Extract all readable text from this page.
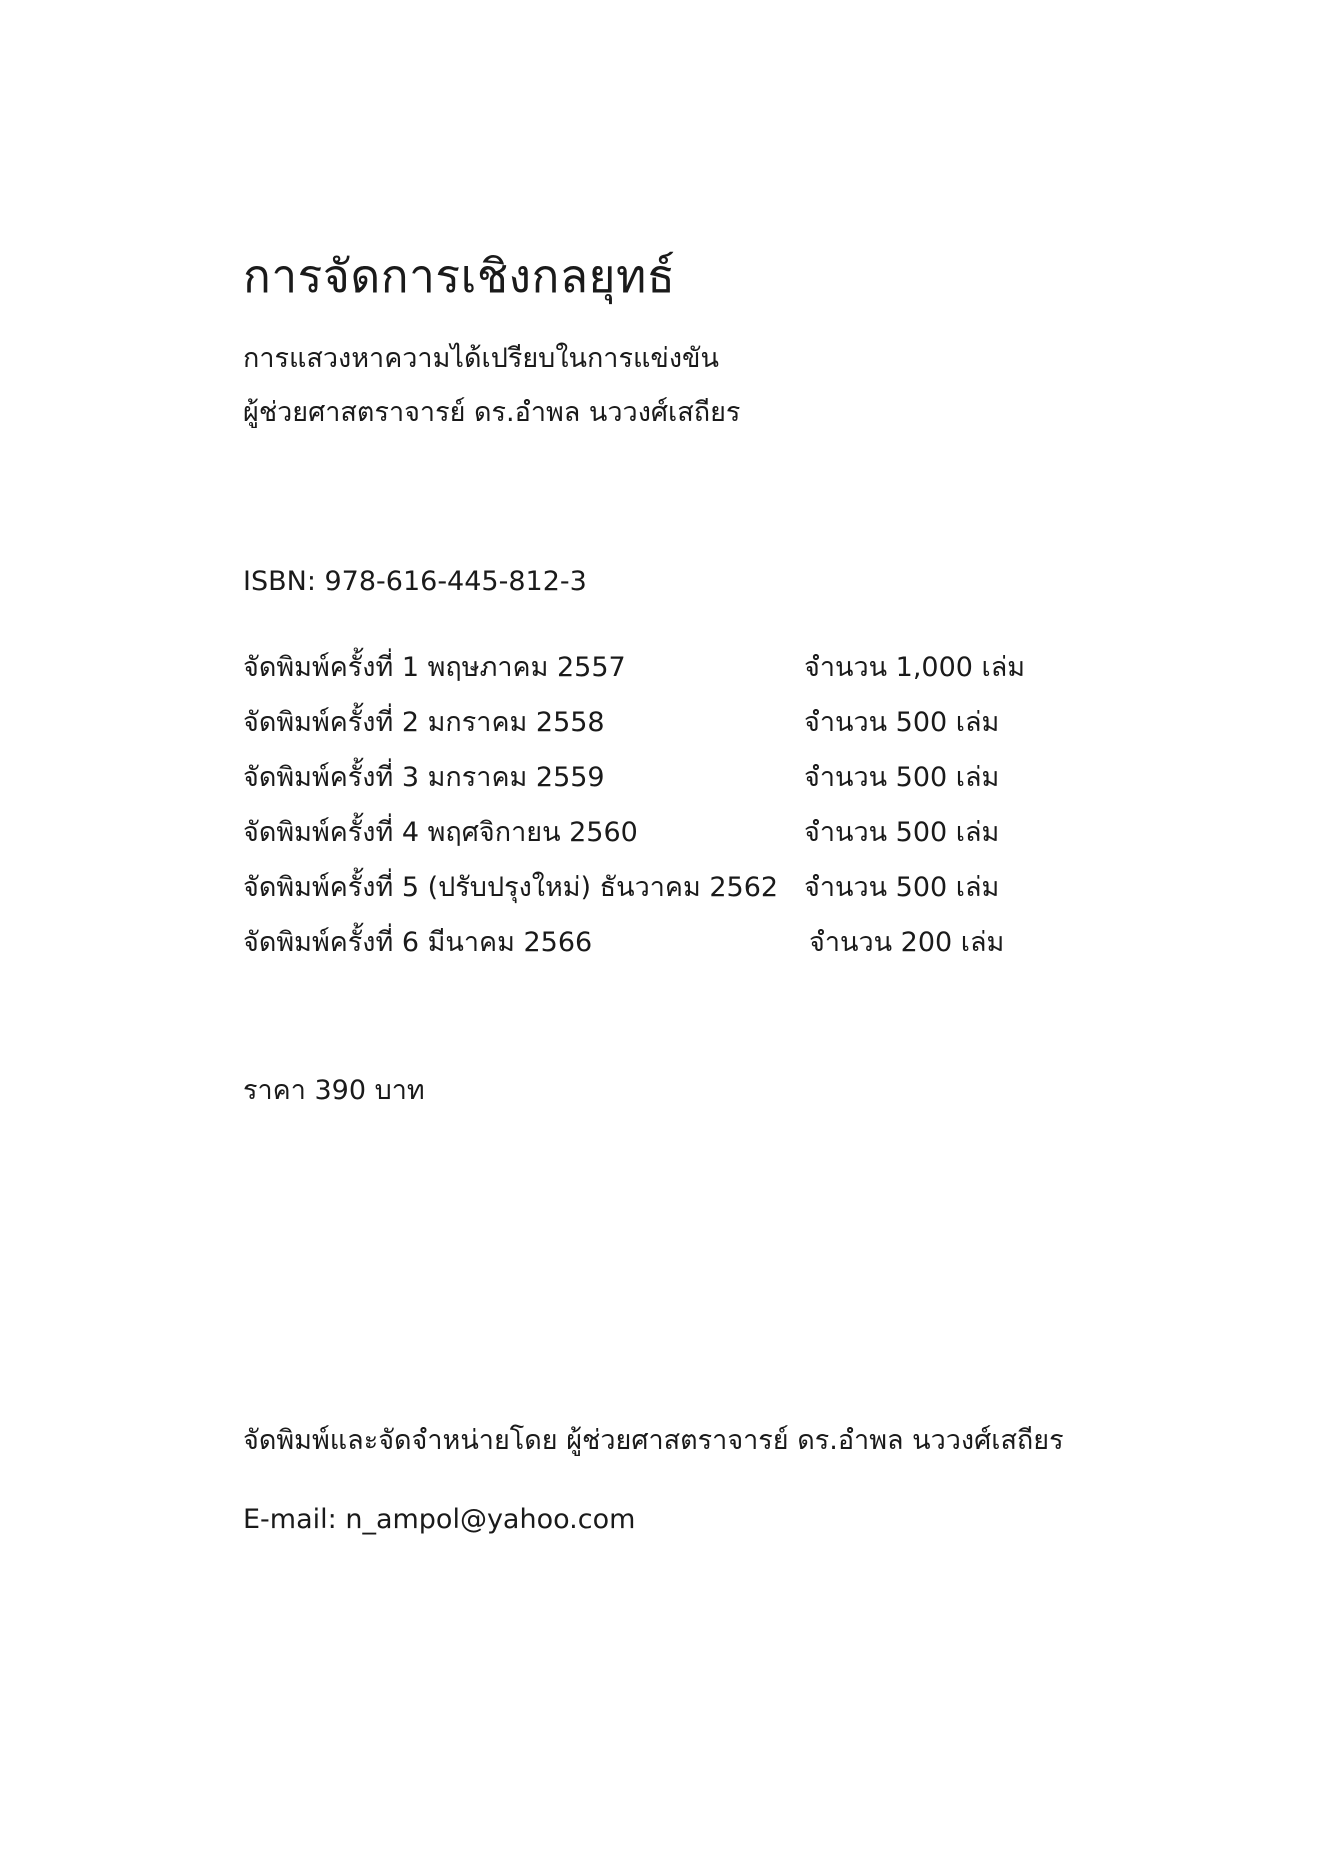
การจัดการเชิงกลยุทธ์
การแสวงหาความได้เปรียบในการแข่งขัน
ผู้ช่วยศาสตราจารย์ ดร.อำพล นววงศ์เสถียร
ISBN: 978-616-445-812-3
จัดพิมพ์ครั้งที่ 1 พฤษภาคม 2557	จำนวน 1,000 เล่ม
จัดพิมพ์ครั้งที่ 2 มกราคม 2558	จำนวน 500 เล่ม
จัดพิมพ์ครั้งที่ 3 มกราคม 2559	จำนวน 500 เล่ม
จัดพิมพ์ครั้งที่ 4 พฤศจิกายน 2560	จำนวน 500 เล่ม
จัดพิมพ์ครั้งที่ 5 (ปรับปรุงใหม่) ธันวาคม 2562 จำนวน 500 เล่ม
จัดพิมพ์ครั้งที่ 6 มีนาคม 2566	จำนวน 200 เล่ม
ราคา 390 บาท
จัดพิมพ์และจัดจำหน่ายโดย ผู้ช่วยศาสตราจารย์ ดร.อำพล นววงศ์เสถียร
E-mail: n_ampol@yahoo.com
